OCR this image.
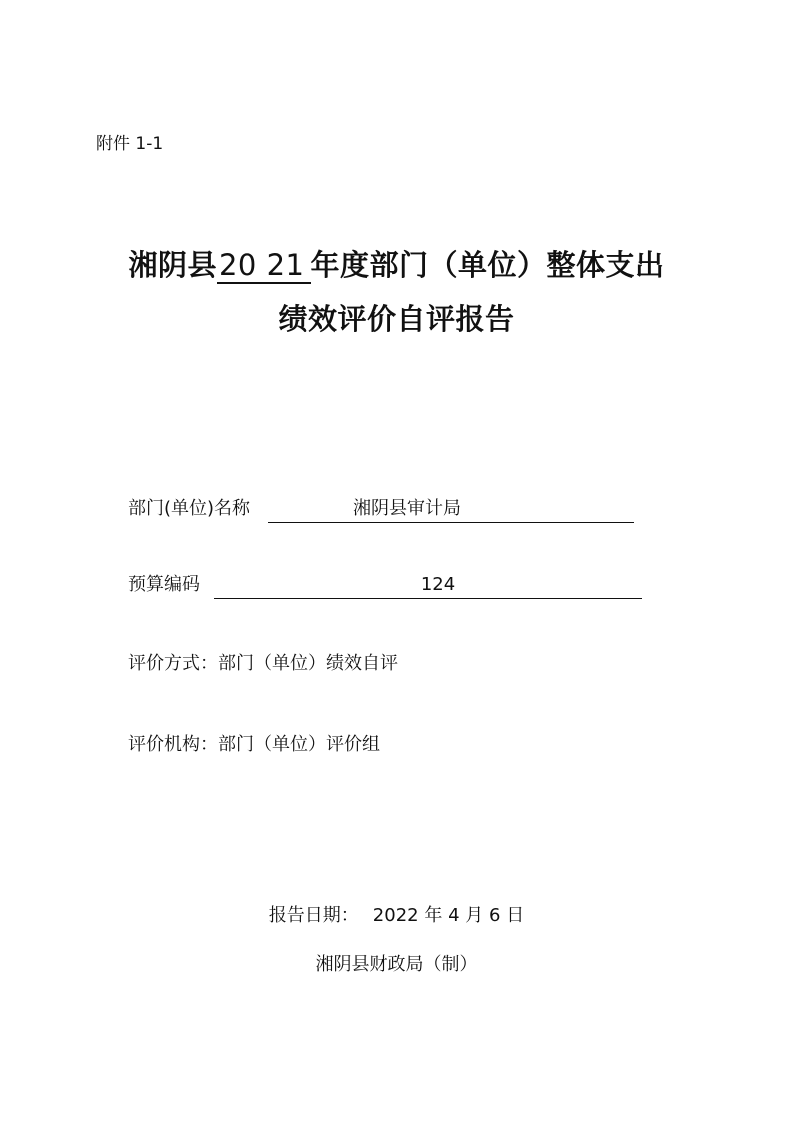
附件 1-1
湘阴县20 21 年度部门（单位）整体支出
绩效评价自评报告
部门(单位)名称	湘阴县审计局
预算编码	124
评价方式：部门（单位）绩效自评
评价机构：部门（单位）评价组
报告日期： 2022 年 4 月 6 日
湘阴县财政局（制）
